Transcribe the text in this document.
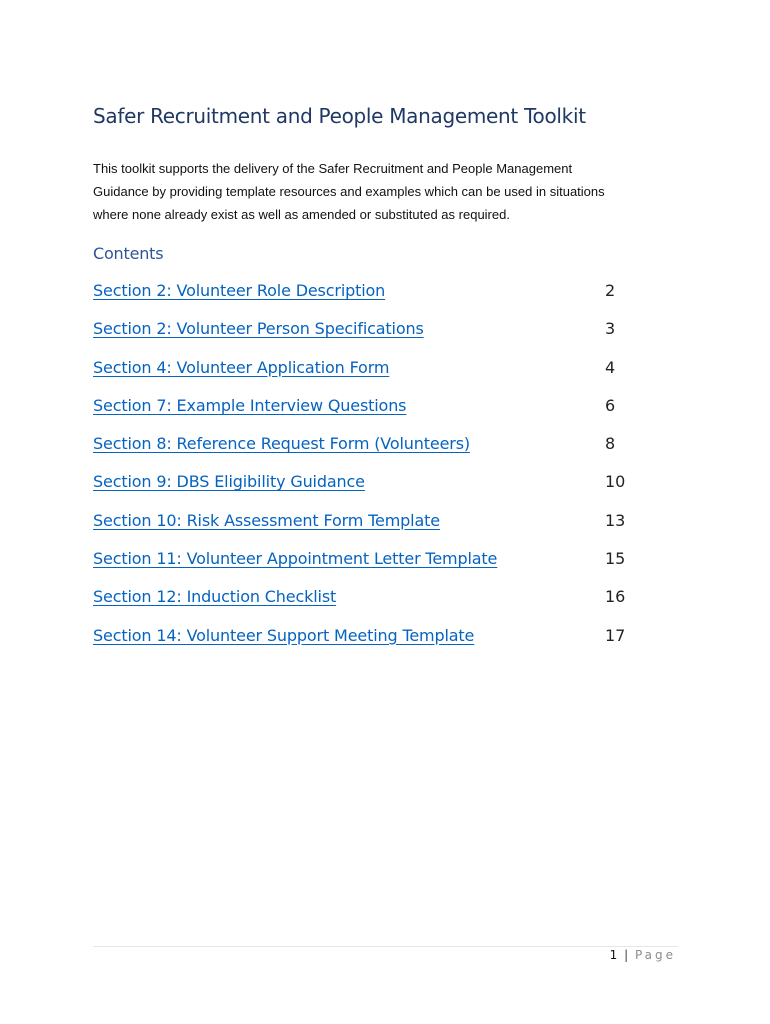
Safer Recruitment and People Management Toolkit

This toolkit supports the delivery of the Safer Recruitment and People Management
Guidance by providing template resources and examples which can be used in situations
where none already exist as well as amended or substituted as required.

Contents
Section 2: Volunteer Role Description	2
Section 2: Volunteer Person Specifications	3
Section 4: Volunteer Application Form	4
Section 7: Example Interview Questions	6
Section 8: Reference Request Form (Volunteers)	8
Section 9: DBS Eligibility Guidance	10
Section 10: Risk Assessment Form Template	13
Section 11: Volunteer Appointment Letter Template	15
Section 12: Induction Checklist	16
Section 14: Volunteer Support Meeting Template	17
1 | Page
